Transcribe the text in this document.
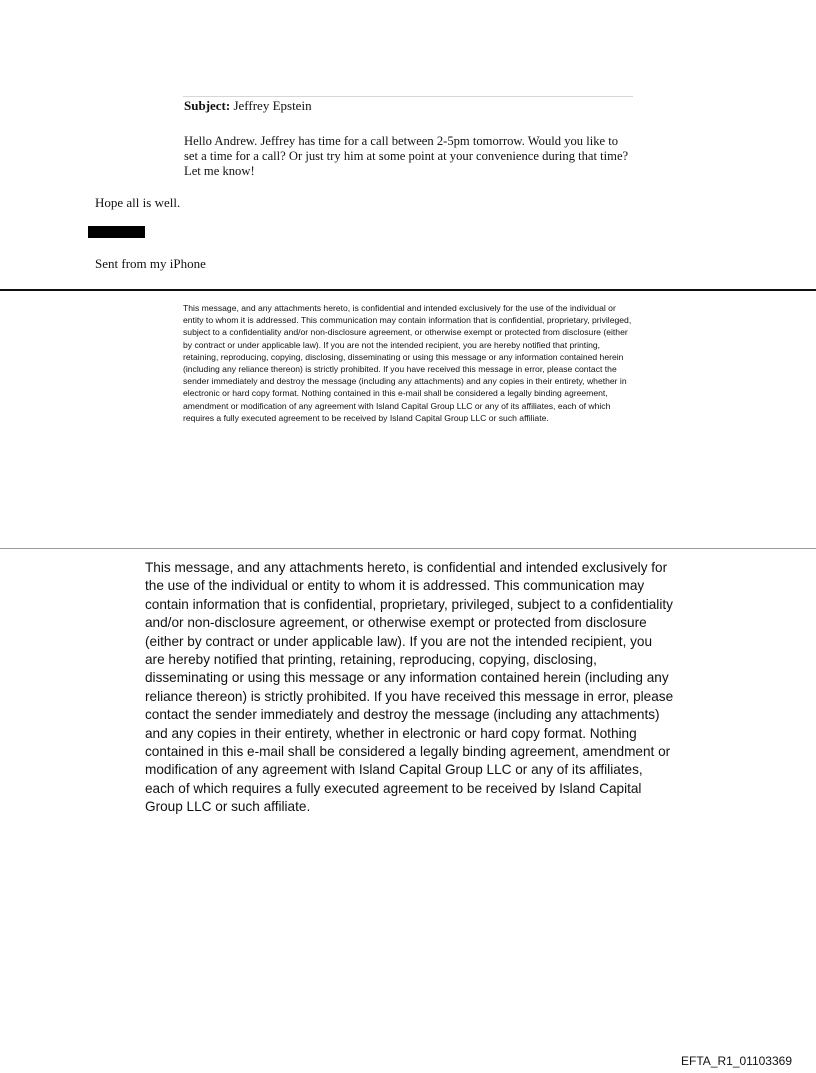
Subject: Jeffrey Epstein
Hello Andrew. Jeffrey has time for a call between 2-5pm tomorrow. Would you like to set a time for a call? Or just try him at some point at your convenience during that time? Let me know!
Hope all is well.
Sent from my iPhone
This message, and any attachments hereto, is confidential and intended exclusively for the use of the individual or entity to whom it is addressed. This communication may contain information that is confidential, proprietary, privileged, subject to a confidentiality and/or non-disclosure agreement, or otherwise exempt or protected from disclosure (either by contract or under applicable law). If you are not the intended recipient, you are hereby notified that printing, retaining, reproducing, copying, disclosing, disseminating or using this message or any information contained herein (including any reliance thereon) is strictly prohibited. If you have received this message in error, please contact the sender immediately and destroy the message (including any attachments) and any copies in their entirety, whether in electronic or hard copy format. Nothing contained in this e-mail shall be considered a legally binding agreement, amendment or modification of any agreement with Island Capital Group LLC or any of its affiliates, each of which requires a fully executed agreement to be received by Island Capital Group LLC or such affiliate.
This message, and any attachments hereto, is confidential and intended exclusively for the use of the individual or entity to whom it is addressed. This communication may contain information that is confidential, proprietary, privileged, subject to a confidentiality and/or non-disclosure agreement, or otherwise exempt or protected from disclosure (either by contract or under applicable law). If you are not the intended recipient, you are hereby notified that printing, retaining, reproducing, copying, disclosing, disseminating or using this message or any information contained herein (including any reliance thereon) is strictly prohibited. If you have received this message in error, please contact the sender immediately and destroy the message (including any attachments) and any copies in their entirety, whether in electronic or hard copy format. Nothing contained in this e-mail shall be considered a legally binding agreement, amendment or modification of any agreement with Island Capital Group LLC or any of its affiliates, each of which requires a fully executed agreement to be received by Island Capital Group LLC or such affiliate.
EFTA_R1_01103369
